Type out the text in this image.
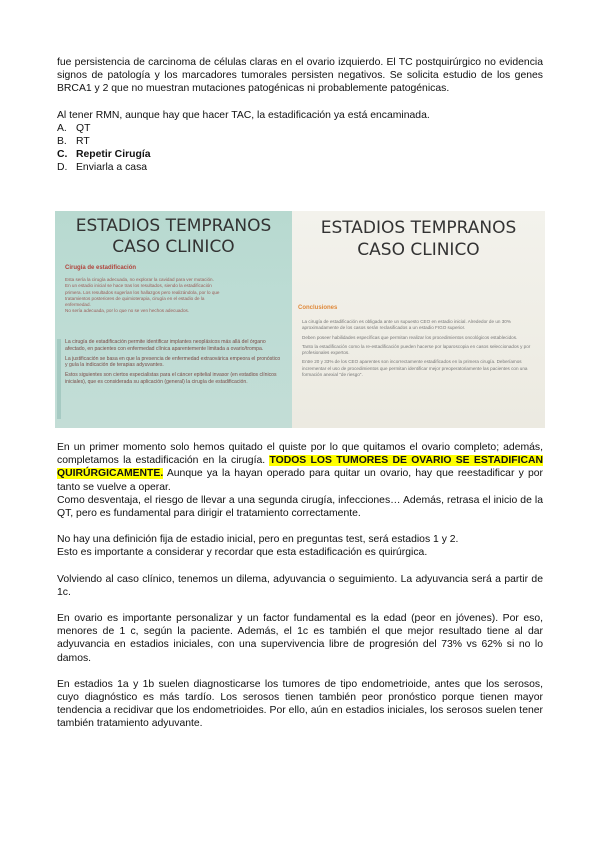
fue persistencia de carcinoma de células claras en el ovario izquierdo. El TC postquirúrgico no evidencia signos de patología y los marcadores tumorales persisten negativos. Se solicita estudio de los genes BRCA1 y 2 que no muestran mutaciones patogénicas ni probablemente patogénicas.

Al tener RMN, aunque hay que hacer TAC, la estadificación ya está encaminada.

A. QT
B. RT
C. Repetir Cirugía
D. Enviarla a casa
ESTADIOS TEMPRANOS
CASO CLINICO
Cirugía de estadificación
Esta sería la cirugía adecuada, no explorar la cavidad para ver mutación.
En un estadio inicial se hace tras los resultados, siendo la estadificación
primera. Los resultados sugerían los hallazgos pero realizándola, por lo que
tratamientos posteriores de quimioterapia, cirugía en el estadio de la
enfermedad.
No sería adecuada, por lo que no se ven hechos adecuados.
La cirugía de estadificación permite identificar implantes neoplásicos más allá del órgano afectado, en pacientes con enfermedad clínica aparentemente limitada a ovario/trompa.
La justificación se basa en que la presencia de enfermedad extraovárica empeora el pronóstico y guía la indicación de terapias adyuvantes.
Estos siguientes son ciertos especialistas para el cáncer epitelial invasor (en estadios clínicos iniciales), que es considerada su aplicación (general) la cirugía de estadificación.
ESTADIOS TEMPRANOS
CASO CLINICO
Conclusiones
La cirugía de estadificación es obligada ante un supuesto CEO en estadio inicial. Alrededor de un 30% aproximadamente de los casos serán reclasificados a un estadio FIGO superior.
Deben poseer habilidades específicas que permitan realizar los procedimientos oncológicos establecidos.
Tanto la estadificación como la re-estadificación pueden hacerse por laparoscopia en casos seleccionados y por profesionales expertos.
Entre 20 y 33% de los CEO aparentes son incorrectamente estadificados en la primera cirugía. Deberíamos incrementar el uso de procedimientos que permitan identificar mejor preoperatoriamente las pacientes con una formación anexial "de riesgo".

En un primer momento solo hemos quitado el quiste por lo que quitamos el ovario completo; además, completamos la estadificación en la cirugía. TODOS LOS TUMORES DE OVARIO SE ESTADIFICAN QUIRÚRGICAMENTE. Aunque ya la hayan operado para quitar un ovario, hay que reestadificar y por tanto se vuelve a operar.
Como desventaja, el riesgo de llevar a una segunda cirugía, infecciones… Además, retrasa el inicio de la QT, pero es fundamental para dirigir el tratamiento correctamente.

No hay una definición fija de estadio inicial, pero en preguntas test, será estadios 1 y 2.
Esto es importante a considerar y recordar que esta estadificación es quirúrgica.

Volviendo al caso clínico, tenemos un dilema, adyuvancia o seguimiento. La adyuvancia será a partir de 1c.

En ovario es importante personalizar y un factor fundamental es la edad (peor en jóvenes). Por eso, menores de 1 c, según la paciente. Además, el 1c es también el que mejor resultado tiene al dar adyuvancia en estadios iniciales, con una supervivencia libre de progresión del 73% vs 62% si no lo damos.

En estadios 1a y 1b suelen diagnosticarse los tumores de tipo endometrioide, antes que los serosos, cuyo diagnóstico es más tardío. Los serosos tienen también peor pronóstico porque tienen mayor tendencia a recidivar que los endometrioides. Por ello, aún en estadios iniciales, los serosos suelen tener también tratamiento adyuvante.
